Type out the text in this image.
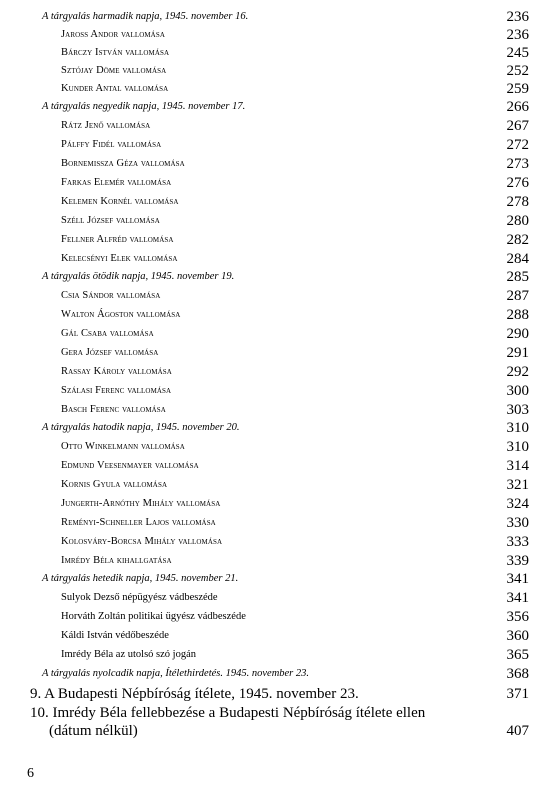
A tárgyalás harmadik napja, 1945. november 16.	236
Jaross Andor vallomása	236
Bárczy István vallomása	245
Sztójay Döme vallomása	252
Kunder Antal vallomása	259
A tárgyalás negyedik napja, 1945. november 17.	266
Rátz Jenő vallomása	267
Pálffy Fidél vallomása	272
Bornemissza Géza vallomása	273
Farkas Elemér vallomása	276
Kelemen Kornél vallomása	278
Széll József vallomása	280
Fellner Alfréd vallomása	282
Kelecsényi Elek vallomása	284
A tárgyalás ötödik napja, 1945. november 19.	285
Csia Sándor vallomása	287
Walton Ágoston vallomása	288
Gál Csaba vallomása	290
Gera József vallomása	291
Rassay Károly vallomása	292
Szálasi Ferenc vallomása	300
Basch Ferenc vallomása	303
A tárgyalás hatodik napja, 1945. november 20.	310
Otto Winkelmann vallomása	310
Edmund Veesenmayer vallomása	314
Kornis Gyula vallomása	321
Jungerth-Arnóthy Mihály vallomása	324
Reményi-Schneller Lajos vallomása	330
Kolosváry-Borcsa Mihály vallomása	333
Imrédy Béla kihallgatása	339
A tárgyalás hetedik napja, 1945. november 21.	341
Sulyok Dezső népügyész vádbeszéde	341
Horváth Zoltán politikai ügyész vádbeszéde	356
Káldi István védőbeszéde	360
Imrédy Béla az utolsó szó jogán	365
A tárgyalás nyolcadik napja, Ítélethirdetés. 1945. november 23.	368
9. A Budapesti Népbíróság ítélete, 1945. november 23.	371
10. Imrédy Béla fellebbezése a Budapesti Népbíróság ítélete ellen
(dátum nélkül)	407
6
